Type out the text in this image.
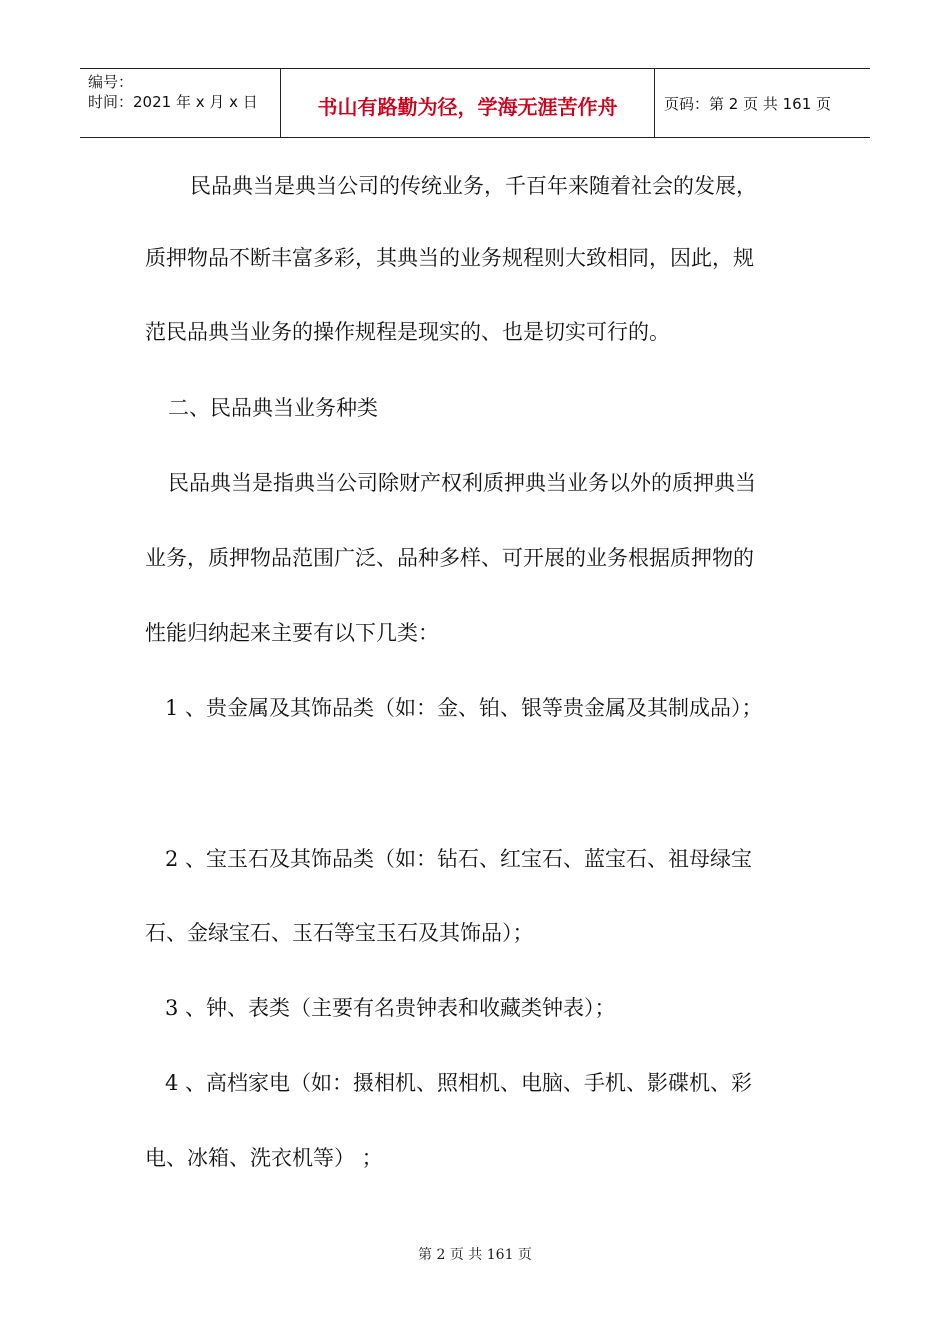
编号：
时间：2021 年 x 月 x 日	书山有路勤为径，学海无涯苦作舟	页码：第 2 页 共 161 页
民品典当是典当公司的传统业务，千百年来随着社会的发展，
质押物品不断丰富多彩，其典当的业务规程则大致相同，因此，规
范民品典当业务的操作规程是现实的、也是切实可行的。
二、民品典当业务种类
民品典当是指典当公司除财产权利质押典当业务以外的质押典当
业务，质押物品范围广泛、品种多样、可开展的业务根据质押物的
性能归纳起来主要有以下几类：
1 、贵金属及其饰品类（如：金、铂、银等贵金属及其制成品）；
2 、宝玉石及其饰品类（如：钻石、红宝石、蓝宝石、祖母绿宝
石、金绿宝石、玉石等宝玉石及其饰品）；
3 、钟、表类（主要有名贵钟表和收藏类钟表）；
4 、高档家电（如：摄相机、照相机、电脑、手机、影碟机、彩
电、冰箱、洗衣机等） ；
第 2 页 共 161 页
